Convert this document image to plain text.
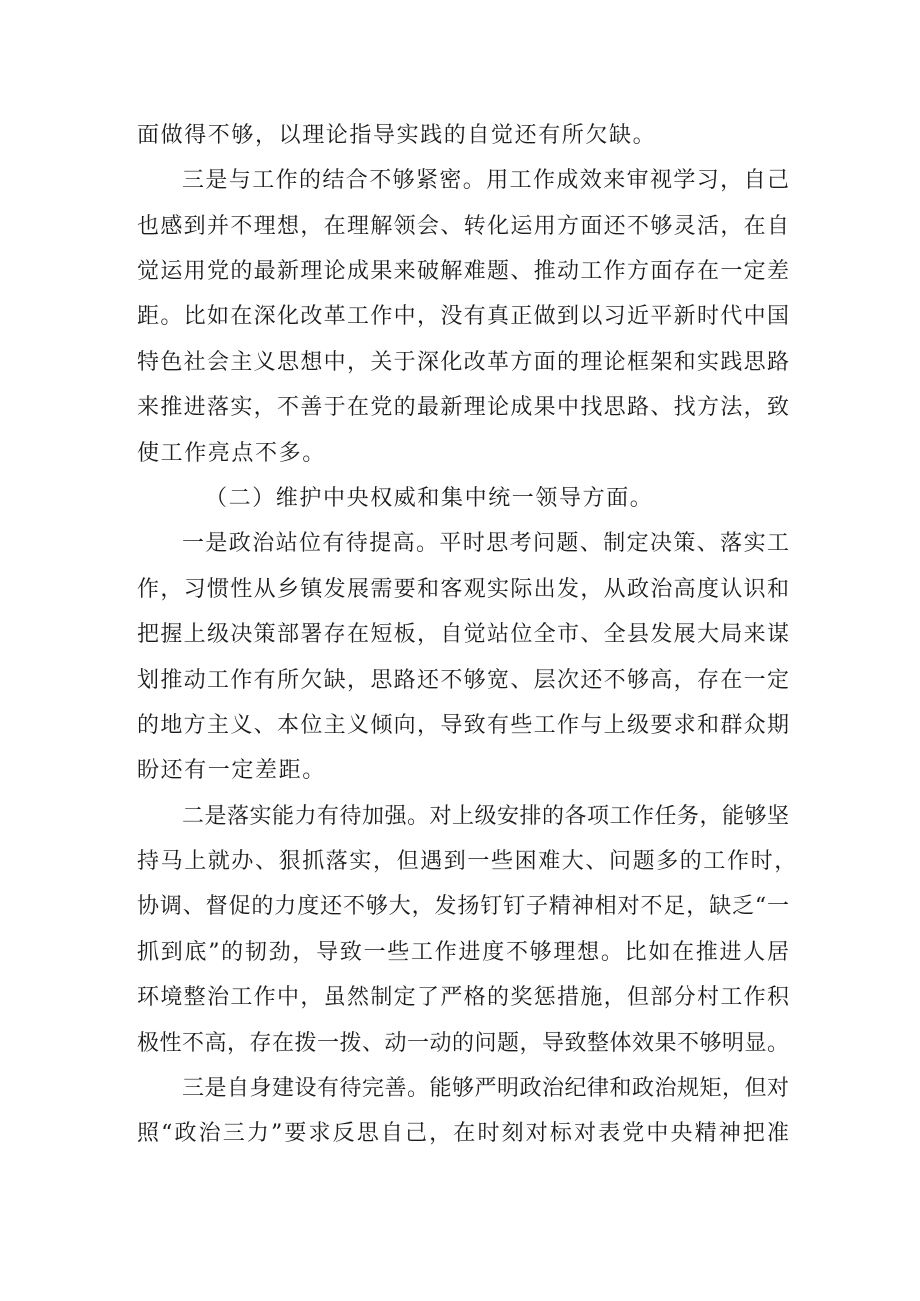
面做得不够，以理论指导实践的自觉还有所欠缺。
三是与工作的结合不够紧密。用工作成效来审视学习，自己
也感到并不理想，在理解领会、转化运用方面还不够灵活，在自
觉运用党的最新理论成果来破解难题、推动工作方面存在一定差
距。比如在深化改革工作中，没有真正做到以习近平新时代中国
特色社会主义思想中，关于深化改革方面的理论框架和实践思路
来推进落实，不善于在党的最新理论成果中找思路、找方法，致
使工作亮点不多。
（二）维护中央权威和集中统一领导方面。
一是政治站位有待提高。平时思考问题、制定决策、落实工
作，习惯性从乡镇发展需要和客观实际出发，从政治高度认识和
把握上级决策部署存在短板，自觉站位全市、全县发展大局来谋
划推动工作有所欠缺，思路还不够宽、层次还不够高，存在一定
的地方主义、本位主义倾向，导致有些工作与上级要求和群众期
盼还有一定差距。
二是落实能力有待加强。对上级安排的各项工作任务，能够坚
持马上就办、狠抓落实，但遇到一些困难大、问题多的工作时，
协调、督促的力度还不够大，发扬钉钉子精神相对不足，缺乏“一
抓到底”的韧劲，导致一些工作进度不够理想。比如在推进人居
环境整治工作中，虽然制定了严格的奖惩措施，但部分村工作积
极性不高，存在拨一拨、动一动的问题，导致整体效果不够明显。
三是自身建设有待完善。能够严明政治纪律和政治规矩，但对
照“政治三力”要求反思自己，在时刻对标对表党中央精神把准
